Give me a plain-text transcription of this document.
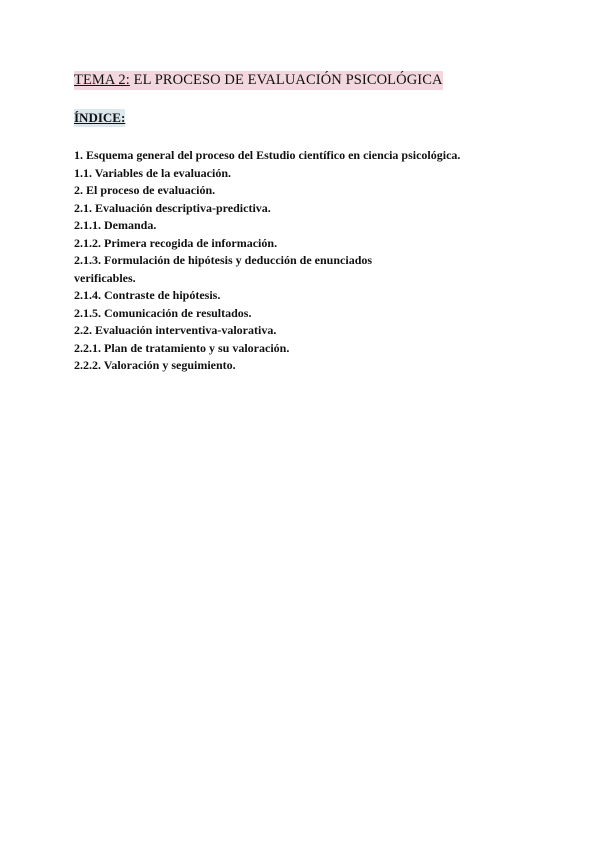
TEMA 2: EL PROCESO DE EVALUACIÓN PSICOLÓGICA
ÍNDICE:
1. Esquema general del proceso del Estudio científico en ciencia psicológica.
1.1. Variables de la evaluación.
2. El proceso de evaluación.
2.1. Evaluación descriptiva-predictiva.
2.1.1. Demanda.
2.1.2. Primera recogida de información.
2.1.3. Formulación de hipótesis y deducción de enunciados verificables.
2.1.4. Contraste de hipótesis.
2.1.5. Comunicación de resultados.
2.2. Evaluación interventiva-valorativa.
2.2.1. Plan de tratamiento y su valoración.
2.2.2. Valoración y seguimiento.
